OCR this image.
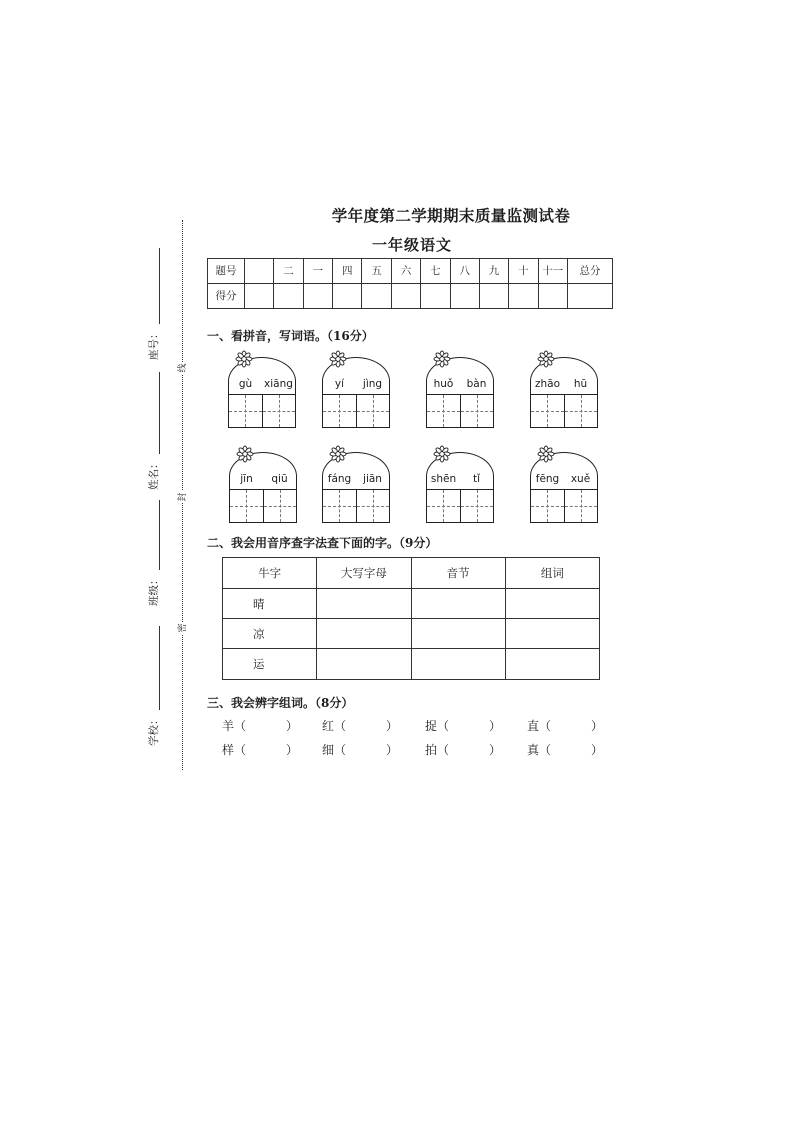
线
封
密
座号：
姓名：
班级：
学校：
学年度第二学期期末质量监测试卷
一年级语文
题号		二	一	四	五	六	七	八	九	十	十一	总分
得分												
一、看拼音，写词语。（16分）
gù	xiāng	yí	jìng	huǒ	bàn	zhāo	hū
jīn	qiū	fáng	jiān	shēn	tǐ	fēng	xuě
二、我会用音序查字法查下面的字。（9分）
牛字	大写字母	音节	组词
晴			
凉			
运			
三、我会辨字组词。（8分）
羊 （	） 红 （	） 捉 （	） 直 （	）
样 （	） 细 （	） 拍 （	） 真 （	）
